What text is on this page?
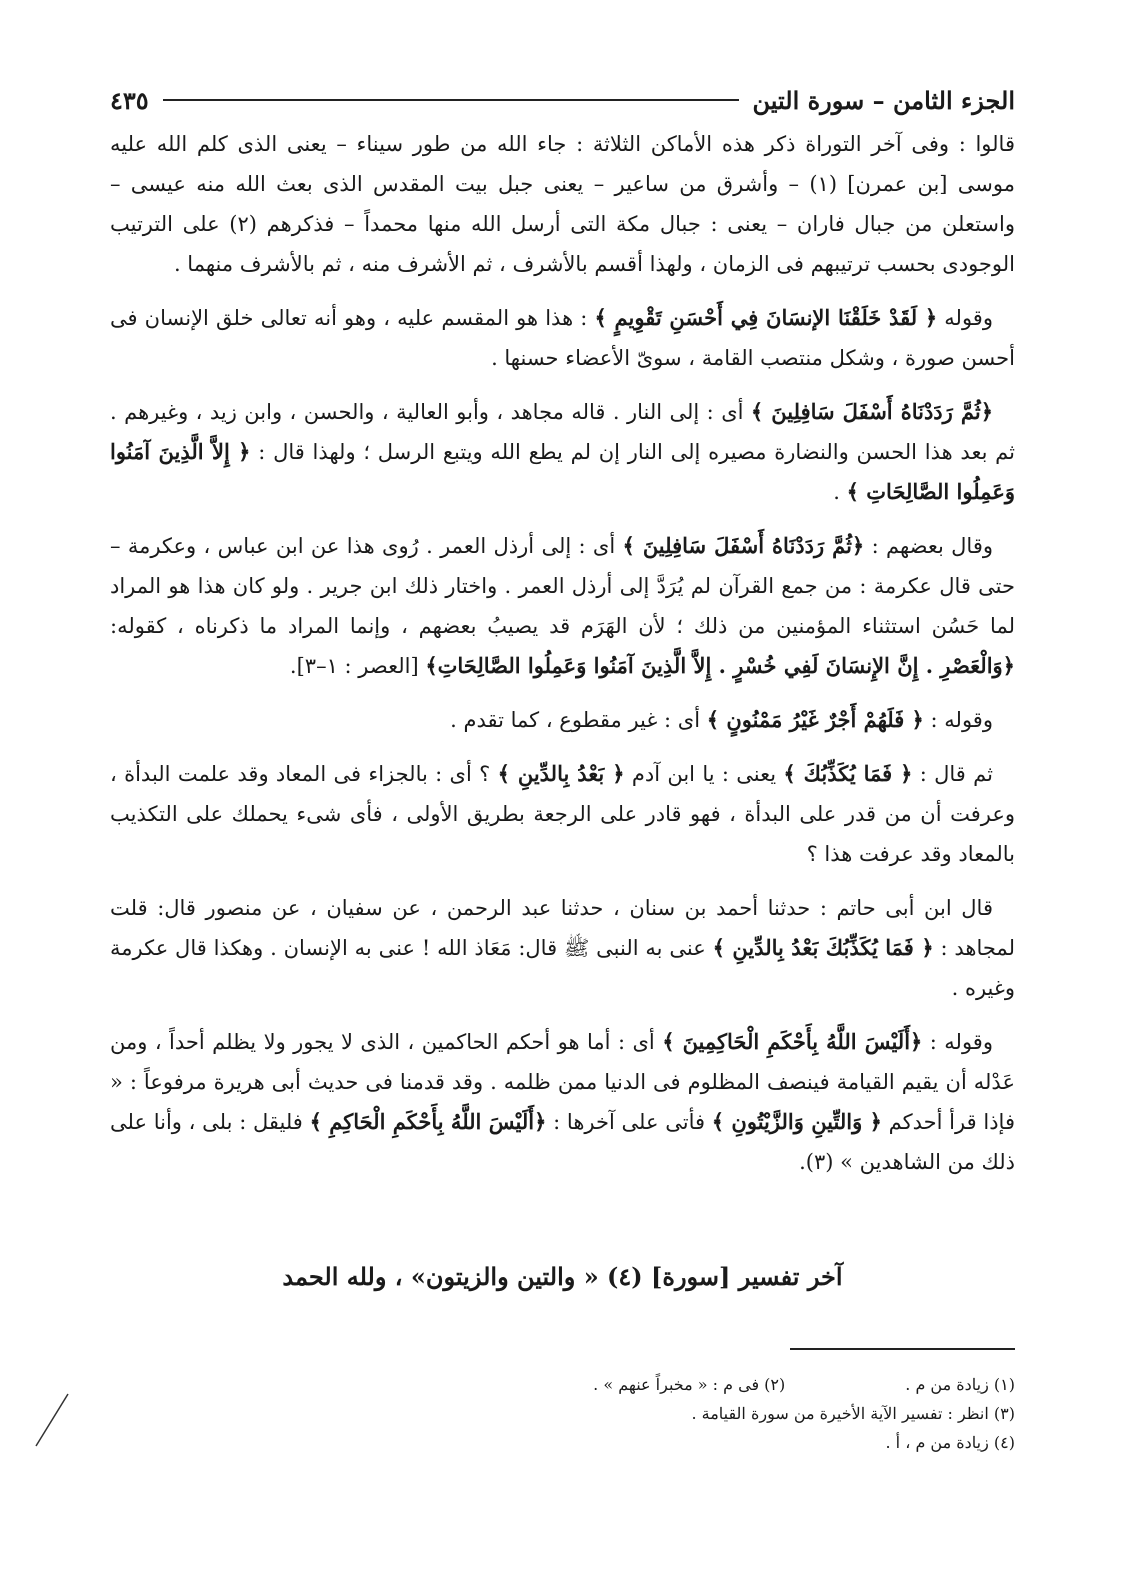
الجزء الثامن – سورة التين
٤٣٥

قالوا : وفى آخر التوراة ذكر هذه الأماكن الثلاثة : جاء الله من طور سيناء – يعنى الذى كلم الله عليه موسى [بن عمرن] (١) – وأشرق من ساعير – يعنى جبل بيت المقدس الذى بعث الله منه عيسى – واستعلن من جبال فاران – يعنى : جبال مكة التى أرسل الله منها محمداً – فذكرهم (٢) على الترتيب الوجودى بحسب ترتيبهم فى الزمان ، ولهذا أقسم بالأشرف ، ثم الأشرف منه ، ثم بالأشرف منهما .

وقوله ﴿ لَقَدْ خَلَقْنَا الإنسَانَ فِي أَحْسَنِ تَقْوِيمٍ ﴾ : هذا هو المقسم عليه ، وهو أنه تعالى خلق الإنسان فى أحسن صورة ، وشكل منتصب القامة ، سوىّ الأعضاء حسنها .

﴿ثُمَّ رَدَدْنَاهُ أَسْفَلَ سَافِلِينَ ﴾ أى : إلى النار . قاله مجاهد ، وأبو العالية ، والحسن ، وابن زيد ، وغيرهم . ثم بعد هذا الحسن والنضارة مصيره إلى النار إن لم يطع الله ويتبع الرسل ؛ ولهذا قال : ﴿ إِلاَّ الَّذِينَ آمَنُوا وَعَمِلُوا الصَّالِحَاتِ ﴾ .

وقال بعضهم : ﴿ثُمَّ رَدَدْنَاهُ أَسْفَلَ سَافِلِينَ ﴾ أى : إلى أرذل العمر . رُوى هذا عن ابن عباس ، وعكرمة – حتى قال عكرمة : من جمع القرآن لم يُرَدَّ إلى أرذل العمر . واختار ذلك ابن جرير . ولو كان هذا هو المراد لما حَسُن استثناء المؤمنين من ذلك ؛ لأن الهَرَم قد يصيبُ بعضهم ، وإنما المراد ما ذكرناه ، كقوله: ﴿وَالْعَصْرِ . إِنَّ الإِنسَانَ لَفِي خُسْرٍ . إِلاَّ الَّذِينَ آمَنُوا وَعَمِلُوا الصَّالِحَاتِ﴾ [العصر : ١–٣].

وقوله : ﴿ فَلَهُمْ أَجْرٌ غَيْرُ مَمْنُونٍ ﴾ أى : غير مقطوع ، كما تقدم .

ثم قال : ﴿ فَمَا يُكَذِّبُكَ ﴾ يعنى : يا ابن آدم ﴿ بَعْدُ بِالدِّينِ ﴾ ؟ أى : بالجزاء فى المعاد وقد علمت البدأة ، وعرفت أن من قدر على البدأة ، فهو قادر على الرجعة بطريق الأولى ، فأى شىء يحملك على التكذيب بالمعاد وقد عرفت هذا ؟

قال ابن أبى حاتم : حدثنا أحمد بن سنان ، حدثنا عبد الرحمن ، عن سفيان ، عن منصور قال: قلت لمجاهد : ﴿ فَمَا يُكَذِّبُكَ بَعْدُ بِالدِّينِ ﴾ عنى به النبى ﷺ قال: مَعَاذ الله ! عنى به الإنسان . وهكذا قال عكرمة وغيره .

وقوله : ﴿أَلَيْسَ اللَّهُ بِأَحْكَمِ الْحَاكِمِينَ ﴾ أى : أما هو أحكم الحاكمين ، الذى لا يجور ولا يظلم أحداً ، ومن عَدْله أن يقيم القيامة فينصف المظلوم فى الدنيا ممن ظلمه . وقد قدمنا فى حديث أبى هريرة مرفوعاً : « فإذا قرأ أحدكم ﴿ وَالتِّينِ وَالزَّيْتُونِ ﴾ فأتى على آخرها : ﴿أَلَيْسَ اللَّهُ بِأَحْكَمِ الْحَاكِمِ ﴾ فليقل : بلى ، وأنا على ذلك من الشاهدين » (٣).

آخر تفسير [سورة] (٤) « والتين والزيتون» ، ولله الحمد
(١) زيادة من م .
(٢) فى م : « مخبراً عنهم » .
(٣) انظر : تفسير الآية الأخيرة من سورة القيامة .
(٤) زيادة من م ، أ .
